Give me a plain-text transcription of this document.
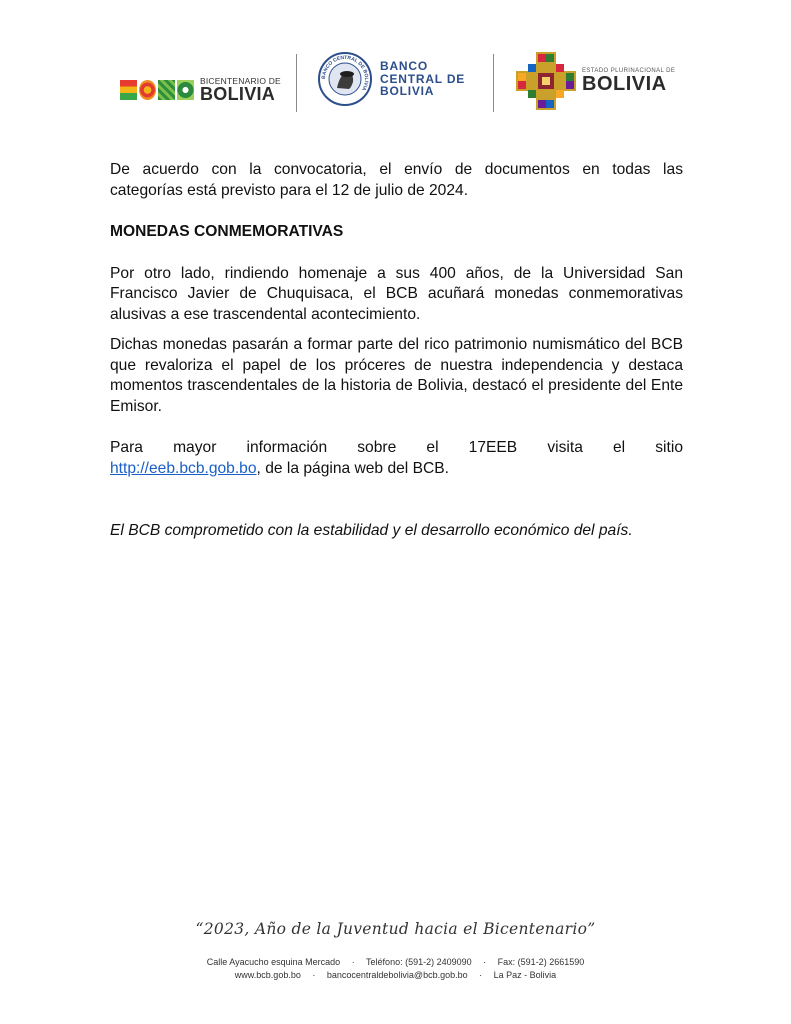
BICENTENARIO DE
BOLIVIA
BANCO CENTRAL DE BOLIVIA
BANCO
CENTRAL DE
BOLIVIA
ESTADO PLURINACIONAL DE
BOLIVIA

De acuerdo con la convocatoria, el envío de documentos en todas las
categorías está previsto para el 12 de julio de 2024.

MONEDAS CONMEMORATIVAS

Por otro lado, rindiendo homenaje a sus 400 años, de la Universidad San Francisco Javier de Chuquisaca, el BCB acuñará monedas conmemorativas alusivas a ese trascendental acontecimiento.

Dichas monedas pasarán a formar parte del rico patrimonio numismático del BCB que revaloriza el papel de los próceres de nuestra independencia y destaca momentos trascendentales de la historia de Bolivia, destacó el presidente del Ente Emisor.

Para mayor información sobre el 17EEB visita el sitio
http://eeb.bcb.gob.bo, de la página web del BCB.

El BCB comprometido con la estabilidad y el desarrollo económico del país.

“2023, Año de la Juventud hacia el Bicentenario”
Calle Ayacucho esquina Mercado · Teléfono: (591-2) 2409090 · Fax: (591-2) 2661590
www.bcb.gob.bo · bancocentraldebolivia@bcb.gob.bo · La Paz - Bolivia
